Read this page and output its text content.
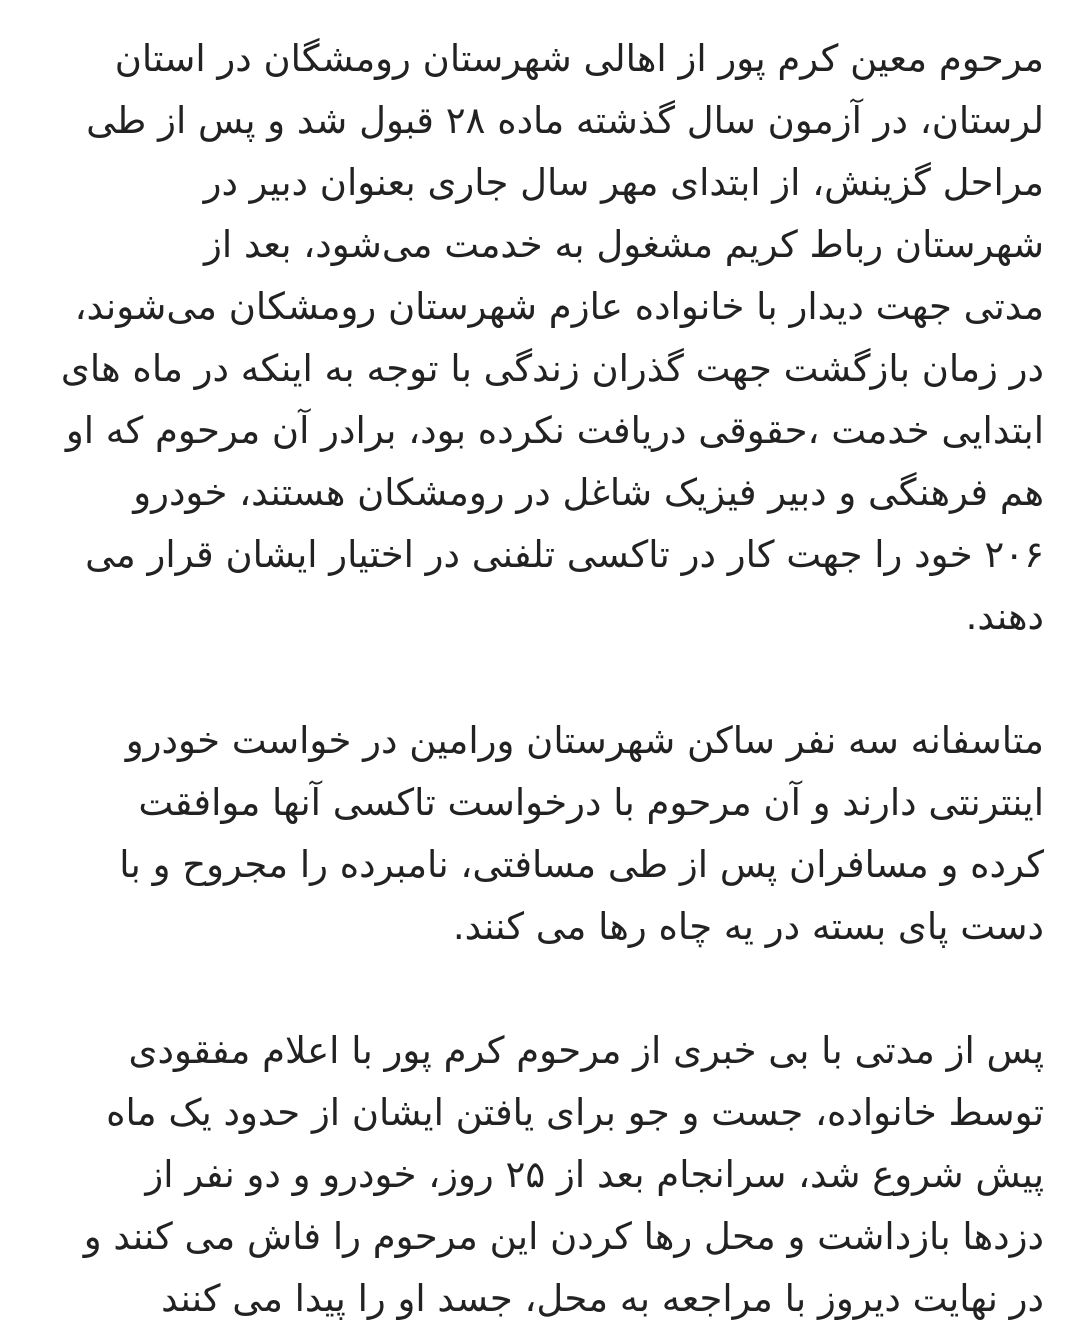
مرحوم معین کرم پور از اهالی شهرستان رومشگان در استان
لرستان، در آزمون سال گذشته ماده ۲۸ قبول شد و پس از طی
مراحل گزینش، از ابتدای مهر سال جاری بعنوان دبیر در
شهرستان رباط کریم مشغول به خدمت می‌شود، بعد از
مدتی جهت دیدار با خانواده عازم شهرستان رومشکان می‌شوند،
در زمان بازگشت جهت گذران زندگی با توجه به اینکه در ماه های
ابتدایی خدمت ،حقوقی دریافت نکرده بود، برادر آن مرحوم که او
هم فرهنگی و دبیر فیزیک شاغل در رومشکان هستند، خودرو
۲۰۶ خود را جهت کار در تاکسی تلفنی در اختیار ایشان قرار می
دهند.

متاسفانه سه نفر ساکن شهرستان ورامین در خواست خودرو
اینترنتی دارند و آن مرحوم با درخواست تاکسی آنها موافقت
کرده و مسافران پس از طی مسافتی، نامبرده را مجروح و با
دست پای بسته در یه چاه رها می کنند.

پس از مدتی با بی خبری از مرحوم کرم پور با اعلام مفقودی
توسط خانواده، جست و جو برای یافتن ایشان از حدود یک ماه
پیش شروع شد، سرانجام بعد از ۲۵ روز، خودرو و دو نفر از
دزدها بازداشت و محل رها کردن این مرحوم را فاش می کنند و
در نهایت دیروز با مراجعه به محل، جسد او را پیدا می کنند
